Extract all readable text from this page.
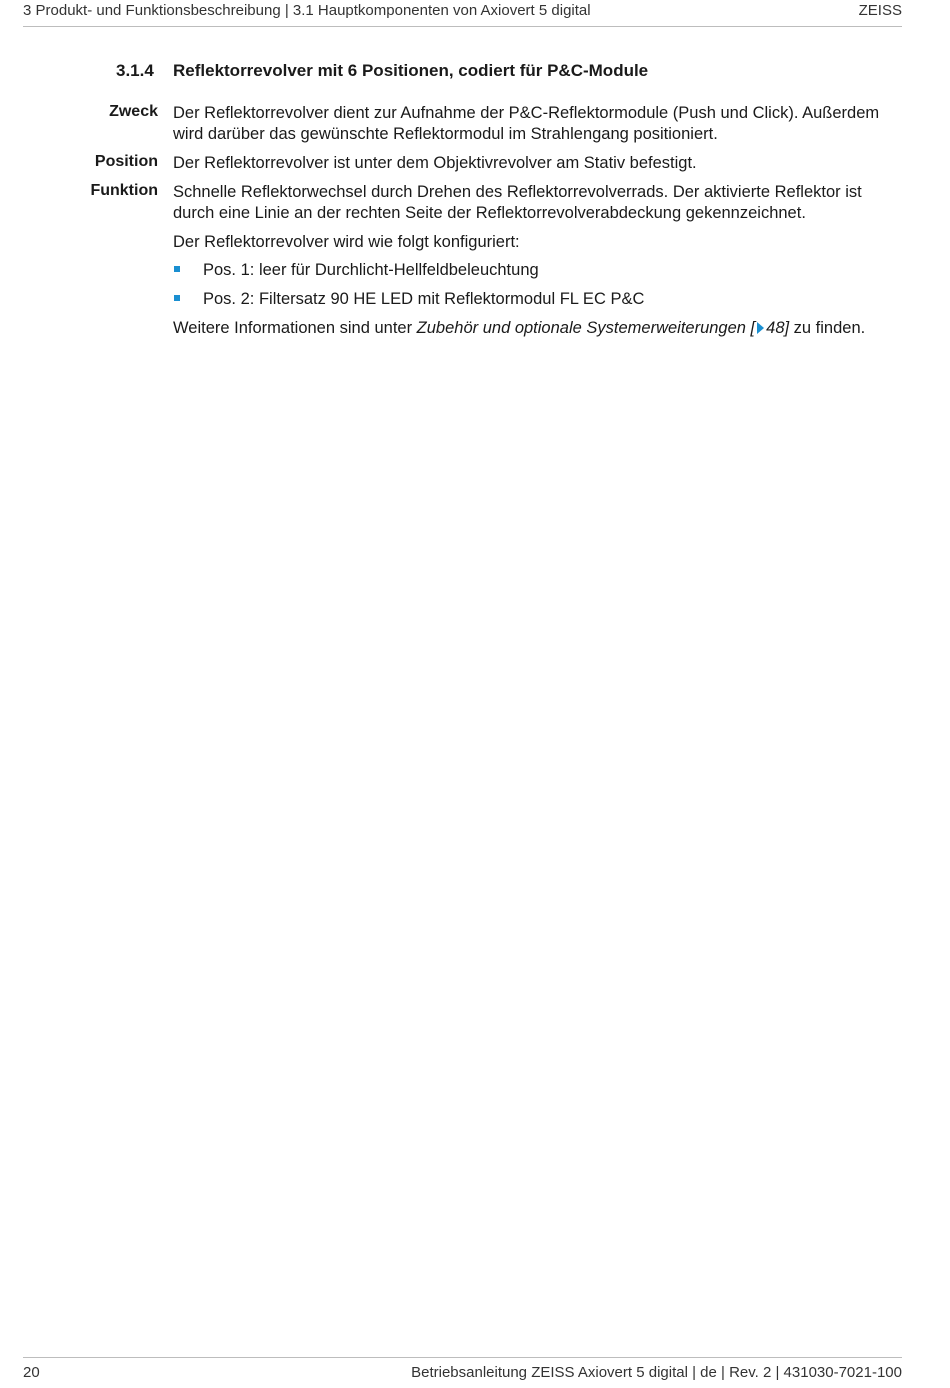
3 Produkt- und Funktionsbeschreibung | 3.1 Hauptkomponenten von Axiovert 5 digital	ZEISS
3.1.4 Reflektorrevolver mit 6 Positionen, codiert für P&C-Module
Zweck Der Reflektorrevolver dient zur Aufnahme der P&C-Reflektormodule (Push und Click). Außerdem
wird darüber das gewünschte Reflektormodul im Strahlengang positioniert.
Position Der Reflektorrevolver ist unter dem Objektivrevolver am Stativ befestigt.
Funktion Schnelle Reflektorwechsel durch Drehen des Reflektorrevolverrads. Der aktivierte Reflektor ist
durch eine Linie an der rechten Seite der Reflektorrevolverabdeckung gekennzeichnet.
Der Reflektorrevolver wird wie folgt konfiguriert:
Pos. 1: leer für Durchlicht-Hellfeldbeleuchtung
Pos. 2: Filtersatz 90 HE LED mit Reflektormodul FL EC P&C
Weitere Informationen sind unter Zubehör und optionale Systemerweiterungen [ 48] zu finden.
20	Betriebsanleitung ZEISS Axiovert 5 digital | de | Rev. 2 | 431030-7021-100
